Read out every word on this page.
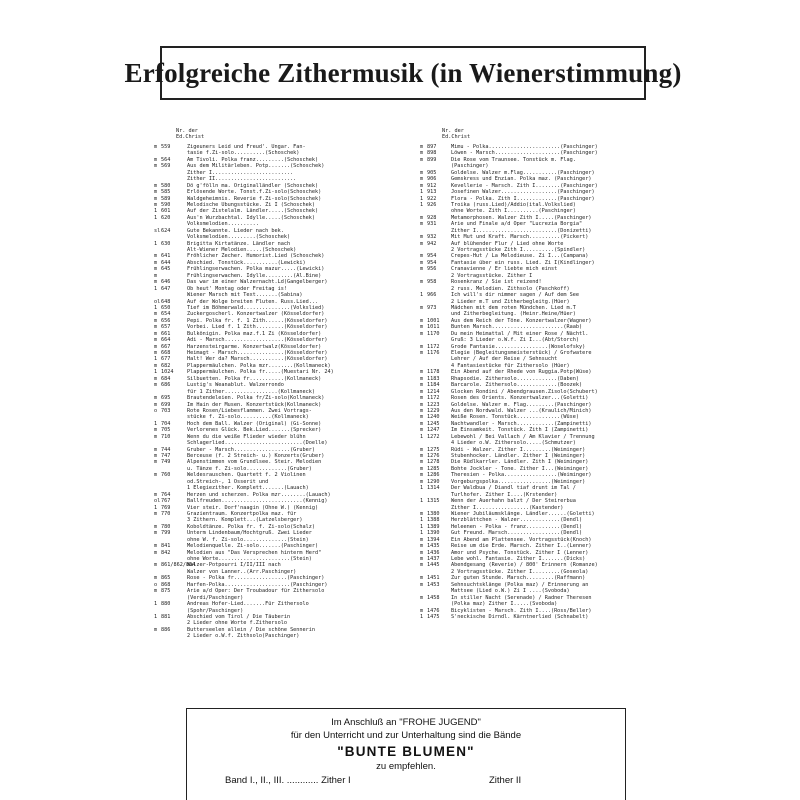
Erfolgreiche Zithermusik (in Wienerstimmung)
Nr. der
Ed.Christ
m 559	Zigeuners Leid und Freud'. Ungar. Fan-
tasie f.Zi-solo..........(Schoschek)
m 564	Am Tivoli. Polka franz.........(Schoschek)
m 569	Aus dem Militärleben. Potp.......(Schoschek)
Zither I..........................
Zither II..........................
m 580	Dö g'fölln ma. Originalländler (Schoschek)
m 585	Erlösende Worte. Tonst.f.Zi-solo(Schoschek)
m 589	Waldgeheimnis. Reverie f.Zi-solo(Schoschek)
m 590	Melodische Übungsstücke. Zi I (Schoschek)
1 601	Auf der Zistelalm. Ländler.....(Schoschek)
1 620	Aus'n Wurzbachtal. Idylle.....(Schoschek)
Volksmelodien..........
sl 624	Gute Bekannte. Lieder nach bek.
Volksmelodien.........(Schoschek)
1 630	Brigitta Kirtatänze. Ländler nach
Alt-Wiener Melodien.....(Schoschek)
m 641	Fröhlicher Zecher. Humorist.Lied (Schoschek)
m 644	Abschied. Tonstück...........(Lewicki)
m 645	Frühlingserwachen. Polka mazur.....(Lewicki)
m	Frühlingserwachen. Idylle.........(Al.Bine)
m 646	Das war im einer Walzernacht.Ld(Gangelberger)
1 647	Ob heut' Montag oder Freitag is!
Wiener Marsch mit Text.......(Sabina)
ol 648	Auf der Wolge breiten Fluten. Russ.Lied...
1 650	Tief im Böhmerwald...............(Volkslied)
m 654	Zuckergoscherl. Konzertwalzer (Kösseldorfer)
m 656	Pepi. Polka fr. f. 1 Zith......(Kösseldorfer)
m 657	Vorbei. Lied f. 1 Zith.........(Kösseldorfer)
m 661	Bulkönigin. Polka maz.f.1 Zi (Kösseldorfer)
m 664	Adi - Marsch...................(Kösseldorfer)
m 667	Harzensteirgarme. Konzertwalz(Kösseldorfer)
m 668	Heimagt - Marsch...............(Kösseldorfer)
1 677	Halt! Wer da? Marsch...........(Kösseldorfer)
m 682	Plappermäulchen. Polka mzr........(Kollmaneck)
1 1024	Plappermäulchen. Polka fr.....(Muestari Nr. 24)
m 684	Silbuetten. Polka fr...........(Kollmaneck)
m 686	Lustig's Weanablut. Walzerrondo
für 1 Zither.................(Kollmaneck)
m 695	Brautendeleien. Polka fr/Zi-solo(Kollmaneck)
m 699	Im Hain der Musen. Konzertstück(Kollmaneck)
o 703	Rote Rosen/Liebesflammen. Zwei Vortrags-
stücke f. Zi-solo..........(Kollmaneck)
1 704	Hoch dem Ball. Walzer (Original) (Gi-Sonne)
m 705	Verlorenes Glück. Bek.Lied.......(Sprecker)
m 710	Wenn du die weiße Flieder wieder blühn
Schlagerlied.........................(Doelle)
m 744	Gruber - Marsch..................(Gruber)
m 747	Berceuse (f. 2 Streich- u.) Konzerts(Gruber)
m 749	Alpenstimmen vom Grundlsee. Steir. Melodien
u. Tänze f. Zi-solo.............(Gruber)
m 760	Weldesrauschen. Quartett f. 2 Violinen
od.Streich-, 1 Osserit und
1 Elegiezither. Komplett.......(Lauach)
m 764	Herzen und scherzen. Polka mzr........(Lauach)
ol 767	Ballfreuden..........................(Kennig)
1 769	Vier steir. Dorf'naagin (Ohne W.) (Kennig)
m 770	Grazientraum. Konzertpolka maz. für
3 Zithern. Komplett...(Latzelsberger)
m 780	Koboldtänze. Polka fr. f. Zi-solo(Schalz)
m 799	Unterm Lindenbaum/Hochtgruß. Zwei Lieder
ohne W. f. Zi-solo..............(Stein)
m 841	Melodienquelle. Zi-solo.......(Paschinger)
m 842	Melodien aus "Das Versprechen hinterm Herd"
ohne Worte.......................(Stein)
m 861/862/864
Walzer-Potpourri I/II/III nach
Walzer von Lanner..(Arr.Paschinger)
m 865	Rose - Polka fr.................(Paschinger)
o 868	Harfen-Polka.....................(Paschinger)
m 875	Arie a/d Oper: Der Troubadour für Zithersolo
(Verdi/Paschinger)
1 880	Andreas Hofer-Lied.......Für Zithersolo
(Spohr/Paschinger)
1 881	Abschied vom Tirol / Die Täuberin
2 Lieder ohne Worte f.Zithersolo
m 886	Butterseelen allein / Die schöne Sennerin
2 Lieder o.W.f. Zithsolo(Paschinger)
Nr. der
Ed.Christ
m 897	Mimu - Polka.......................(Paschinger)
m 898	Löwen - Marsch.....................(Paschinger)
m 899	Die Rose vom Traunsee. Tonstück m. Flag.
(Paschinger)
m 905	Goldelse. Walzer m.Flag...........(Paschinger)
m 906	Gemskress und Enzian. Polka maz. (Paschinger)
m 912	Kevellerie - Marsch. Zith I........(Paschinger)
1 913	Josefinen Walzer..................(Paschinger)
1 922	Flora - Polka. Zith I.............(Paschinger)
1 926	Troika (russ.Lied)/Addio(ital.Volkslied)
ohne Worte. Zith I..........(Paschinger)
m 928	Metamorphosen. Walzer Zith I.....(Paschinger)
m 931	Arie und Finale a/d Oper "Lucrezia Borgia"
Zither I..........................(Donizetti)
m 932	Mit Mut und Kraft. Marsch..........(Pickert)
m 942	Auf blühender Flur / Lied ohne Worte
2 Vortragsstücke Zith I..........(Spindler)
m 954	Crepes-Hut / La Melodieuse. Zi I...(Campana)
m 954	Fantasie über ein russ. Lied. Zi I(Kindlinger)
m 956	Cranavienne / Er liebte mich einst
2 Vortragsstücke. Zither I
m 958	Rosenkranz / Sie ist reizend!
2 russ. Melodien. Zithsolo (Paschkoff)
1 966	Ich will's dir nimmer sagen / Auf dem See
2 Lieder m.T und Zitherbegleitg.(Hüer)
m 973	Mädchen mit dem roten Mündchen. Lied m.T
und Zitherbegleitung. (Heinr.Heine/Hüer)
m 1001	Aus dem Reich der Töne. Konzertwalzer(Wagner)
m 1011	Bunten Marsch.......................(Raab)
m 1170	Du mein Heimattal / Mit einer Rose / Nächtl.
Gruß: 3 Lieder o.W.f. Zi I...(Abt/Storch)
m 1172	Grode Fantasie.................(Woselofsky)
m 1176	Elegie (Begleitungsmeisterstück) / Grofwatere
Lehrer / Auf der Reise / Sehnsucht
4 Fantasiestücke für Zithersolo (Hüer)
m 1178	Ein Abend auf der Rhede von Ruggia.Potp(Wüse)
m 1183	Rhapsodie. Zithersolo.............(Daben)
m 1184	Barcarole. Zithersolo.............(Boozek)
m 1214	Glocken Rondini / Abendgrausen.Zisolo(Schubert)
m 1172	Rosen des Orients. Konzertwalzer...(Goletti)
m 1223	Goldelse. Walzer m. Flag.........(Paschinger)
m 1229	Aus den Nordwald. Walzer ...(Kraulich/Minich)
m 1240	Weiße Rosen. Tonstück..............(Wüse)
m 1245	Nachtwandler - Marsch............(Zampinetti)
m 1247	Im Einsamkeit. Tonstück. Zith I (Zampinetti)
1 1272	Lebewohl / Bei Vallach / Am Klavier / Trennung
4 Lieder o.W. Zithersolo.....(Schmutzer)
m 1275	Rüdi - Walzer. Zither I.........(Weiminger)
m 1276	Stubenhocker. Ländler. Zither I (Weiminger)
m 1278	Die Rüdlkarrler. Ländler. Zith I (Weiminger)
m 1285	Bohte Jockler - Tone. Zither I...(Weiminger)
m 1286	Theresien - Polka.................(Weiminger)
m 1290	Vorgeburgspolka.................(Weiminger)
1 1314	Der Waldbua / Diandl tiaf drunt im Tal /
Turlhofer. Zither I....(Krstender)
1 1315	Wenn der Auerhahn balzt / Der Steirerbua
Zither I.................(Kastender)
m 1380	Wiener Jubiläumsklänge. Ländler......(Goletti)
1 1388	Herzblättchen - Walzer.............(Dendl)
1 1389	Heleenen - Polka - franz...........(Dendl)
1 1390	Gut Freund. Marsch.................(Dendl)
m 1394	Ein Abend am Plattensee. Vortragsstück(Knoch)
m 1435	Reise um die Erde. Marsch. Zither I..(Lenner)
m 1436	Amor und Psyche. Tonstück. Zither I (Lenner)
m 1437	Lebe wohl. Fantasie. Zither I.......(Dicks)
m 1445	Abendgesang (Reverie) / 800' Erinnern (Romanze)
2 Vortragsstücke. Zither I.........(Goseola)
m 1451	Zur guten Stunde. Marsch.........(Raffmann)
m 1453	Sehnsuchtsklänge (Polka maz) / Erinnerung an
Mattsee (Lied o.W.) Zi I ....(Svoboda)
m 1458	In stiller Nacht (Serenade) / Radner Theresen
(Polka maz) Zither I.....(Svoboda)
m 1476	Bicyklisten - Marsch. Zith I....(Ross/Beller)
1 1475	S'neckische Dirndl. Kärntnerlied (Schnabelt)
Im Anschluß an "FROHE JUGEND"
für den Unterricht und zur Unterhaltung sind die Bände
"BUNTE BLUMEN"
zu empfehlen.
Band I., II., III. ............ Zither I	Zither II
